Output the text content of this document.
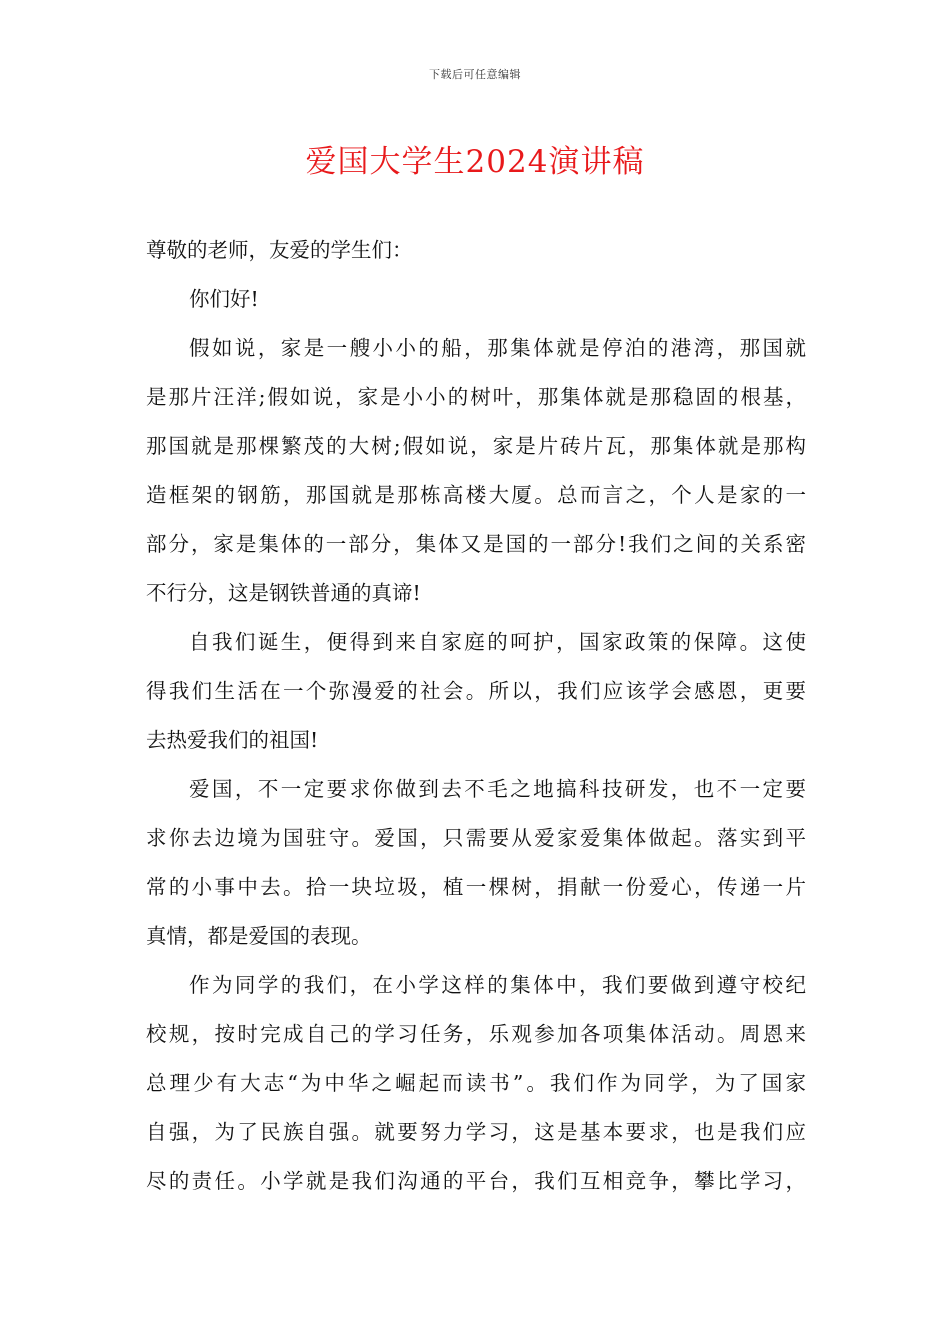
下载后可任意编辑
爱国大学生2024演讲稿

尊敬的老师，友爱的学生们：

你们好!

假如说，家是一艘小小的船，那集体就是停泊的港湾，那国就
是那片汪洋;假如说，家是小小的树叶，那集体就是那稳固的根基，
那国就是那棵繁茂的大树;假如说，家是片砖片瓦，那集体就是那构
造框架的钢筋，那国就是那栋高楼大厦。总而言之，个人是家的一
部分，家是集体的一部分，集体又是国的一部分!我们之间的关系密
不行分，这是钢铁普通的真谛!

自我们诞生，便得到来自家庭的呵护，国家政策的保障。这使
得我们生活在一个弥漫爱的社会。所以，我们应该学会感恩，更要
去热爱我们的祖国!

爱国，不一定要求你做到去不毛之地搞科技研发，也不一定要
求你去边境为国驻守。爱国，只需要从爱家爱集体做起。落实到平
常的小事中去。拾一块垃圾，植一棵树，捐献一份爱心，传递一片
真情，都是爱国的表现。

作为同学的我们，在小学这样的集体中，我们要做到遵守校纪
校规，按时完成自己的学习任务，乐观参加各项集体活动。周恩来
总理少有大志“为中华之崛起而读书”。我们作为同学，为了国家
自强，为了民族自强。就要努力学习，这是基本要求，也是我们应
尽的责任。小学就是我们沟通的平台，我们互相竞争，攀比学习，
